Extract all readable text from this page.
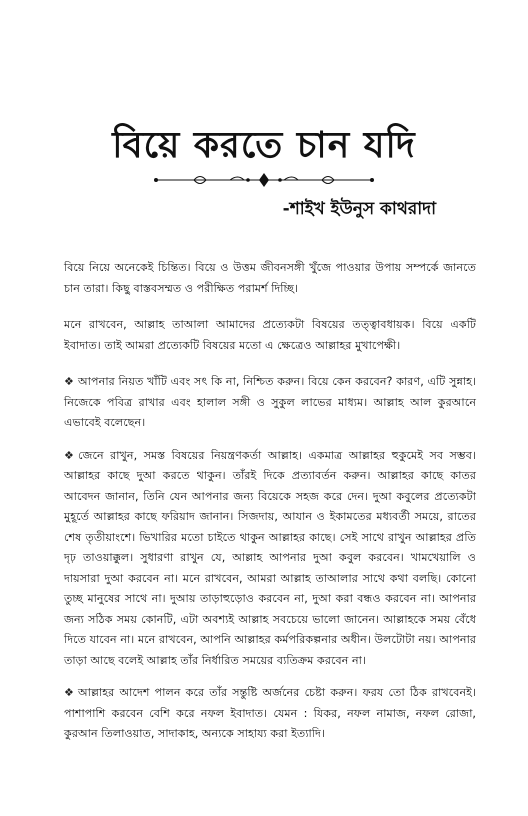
বিয়ে করতে চান যদি
-শাইখ ইউনুস কাথরাদা

বিয়ে নিয়ে অনেকেই চিন্তিত। বিয়ে ও উত্তম জীবনসঙ্গী খুঁজে পাওয়ার উপায় সম্পর্কে জানতে চান তারা। কিছু বাস্তবসম্মত ও পরীক্ষিত পরামর্শ দিচ্ছি।

মনে রাখবেন, আল্লাহ তাআলা আমাদের প্রত্যেকটা বিষয়ের তত্ত্বাবধায়ক। বিয়ে একটি ইবাদাত। তাই আমরা প্রত্যেকটি বিষয়ের মতো এ ক্ষেত্রেও আল্লাহর মুখাপেক্ষী।

❖ আপনার নিয়ত খাঁটি এবং সৎ কি না, নিশ্চিত করুন। বিয়ে কেন করবেন? কারণ, এটি সুন্নাহ। নিজেকে পবিত্র রাখার এবং হালাল সঙ্গী ও সুকুল লাভের মাধ্যম। আল্লাহ আল কুরআনে এভাবেই বলেছেন।

❖ জেনে রাখুন, সমস্ত বিষয়ের নিয়ন্ত্রণকর্তা আল্লাহ। একমাত্র আল্লাহর হুকুমেই সব সম্ভব। আল্লাহর কাছে দুআ করতে থাকুন। তাঁরই দিকে প্রত্যাবর্তন করুন। আল্লাহর কাছে কাতর আবেদন জানান, তিনি যেন আপনার জন্য বিয়েকে সহজ করে দেন। দুআ কবুলের প্রত্যেকটা মুহূর্তে আল্লাহর কাছে ফরিয়াদ জানান। সিজদায়, আযান ও ইকামতের মধ্যবর্তী সময়ে, রাতের শেষ তৃতীয়াংশে। ভিখারির মতো চাইতে থাকুন আল্লাহর কাছে। সেই সাথে রাখুন আল্লাহর প্রতি দৃঢ় তাওয়াক্কুল। সুধারণা রাখুন যে, আল্লাহ আপনার দুআ কবুল করবেন। খামখেয়ালি ও দায়সারা দুআ করবেন না। মনে রাখবেন, আমরা আল্লাহ তাআলার সাথে কথা বলছি। কোনো তুচ্ছ মানুষের সাথে না। দুআয় তাড়াহুড়োও করবেন না, দুআ করা বন্ধও করবেন না। আপনার জন্য সঠিক সময় কোনটি, এটা অবশ্যই আল্লাহ সবচেয়ে ভালো জানেন। আল্লাহকে সময় বেঁধে দিতে যাবেন না। মনে রাখবেন, আপনি আল্লাহর কর্মপরিকল্পনার অধীন। উলটোটা নয়। আপনার তাড়া আছে বলেই আল্লাহ তাঁর নির্ধারিত সময়ের ব্যতিক্রম করবেন না।

❖ আল্লাহর আদেশ পালন করে তাঁর সন্তুষ্টি অর্জনের চেষ্টা করুন। ফরয তো ঠিক রাখবেনই। পাশাপাশি করবেন বেশি করে নফল ইবাদাত। যেমন : যিকর, নফল নামাজ, নফল রোজা, কুরআন তিলাওয়াত, সাদাকাহ, অন্যকে সাহায্য করা ইত্যাদি।
